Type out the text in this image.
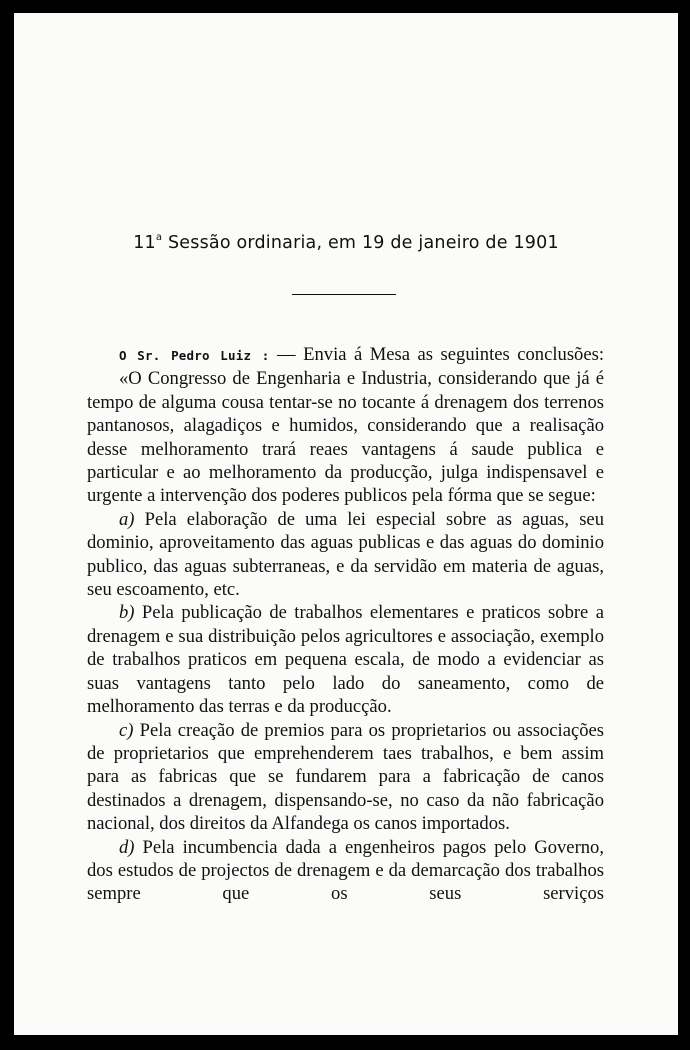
11$^a$ Sessão ordinaria, em 19 de janeiro de 1901

O Sr. Pedro Luiz : — Envia á Mesa as seguintes conclusões:

«O Congresso de Engenharia e Industria, considerando que já é tempo de alguma cousa tentar-se no tocante á drenagem dos terrenos pantanosos, alagadiços e humidos, considerando que a realisação desse melhoramento trará reaes vantagens á saude publica e particular e ao melhoramento da producção, julga indispensavel e urgente a intervenção dos poderes publicos pela fórma que se segue:

a) Pela elaboração de uma lei especial sobre as aguas, seu dominio, aproveitamento das aguas publicas e das aguas do dominio publico, das aguas subterraneas, e da servidão em materia de aguas, seu escoamento, etc.

b) Pela publicação de trabalhos elementares e praticos sobre a drenagem e sua distribuição pelos agricultores e associação, exemplo de trabalhos praticos em pequena escala, de modo a evidenciar as suas vantagens tanto pelo lado do saneamento, como de melhoramento das terras e da producção.

c) Pela creação de premios para os proprietarios ou associações de proprietarios que emprehenderem taes trabalhos, e bem assim para as fabricas que se fundarem para a fabricação de canos destinados a drenagem, dispensando-se, no caso da não fabricação nacional, dos direitos da Alfandega os canos importados.

d) Pela incumbencia dada a engenheiros pagos pelo Governo, dos estudos de projectos de drenagem e da demarcação dos trabalhos sempre que os seus serviços
